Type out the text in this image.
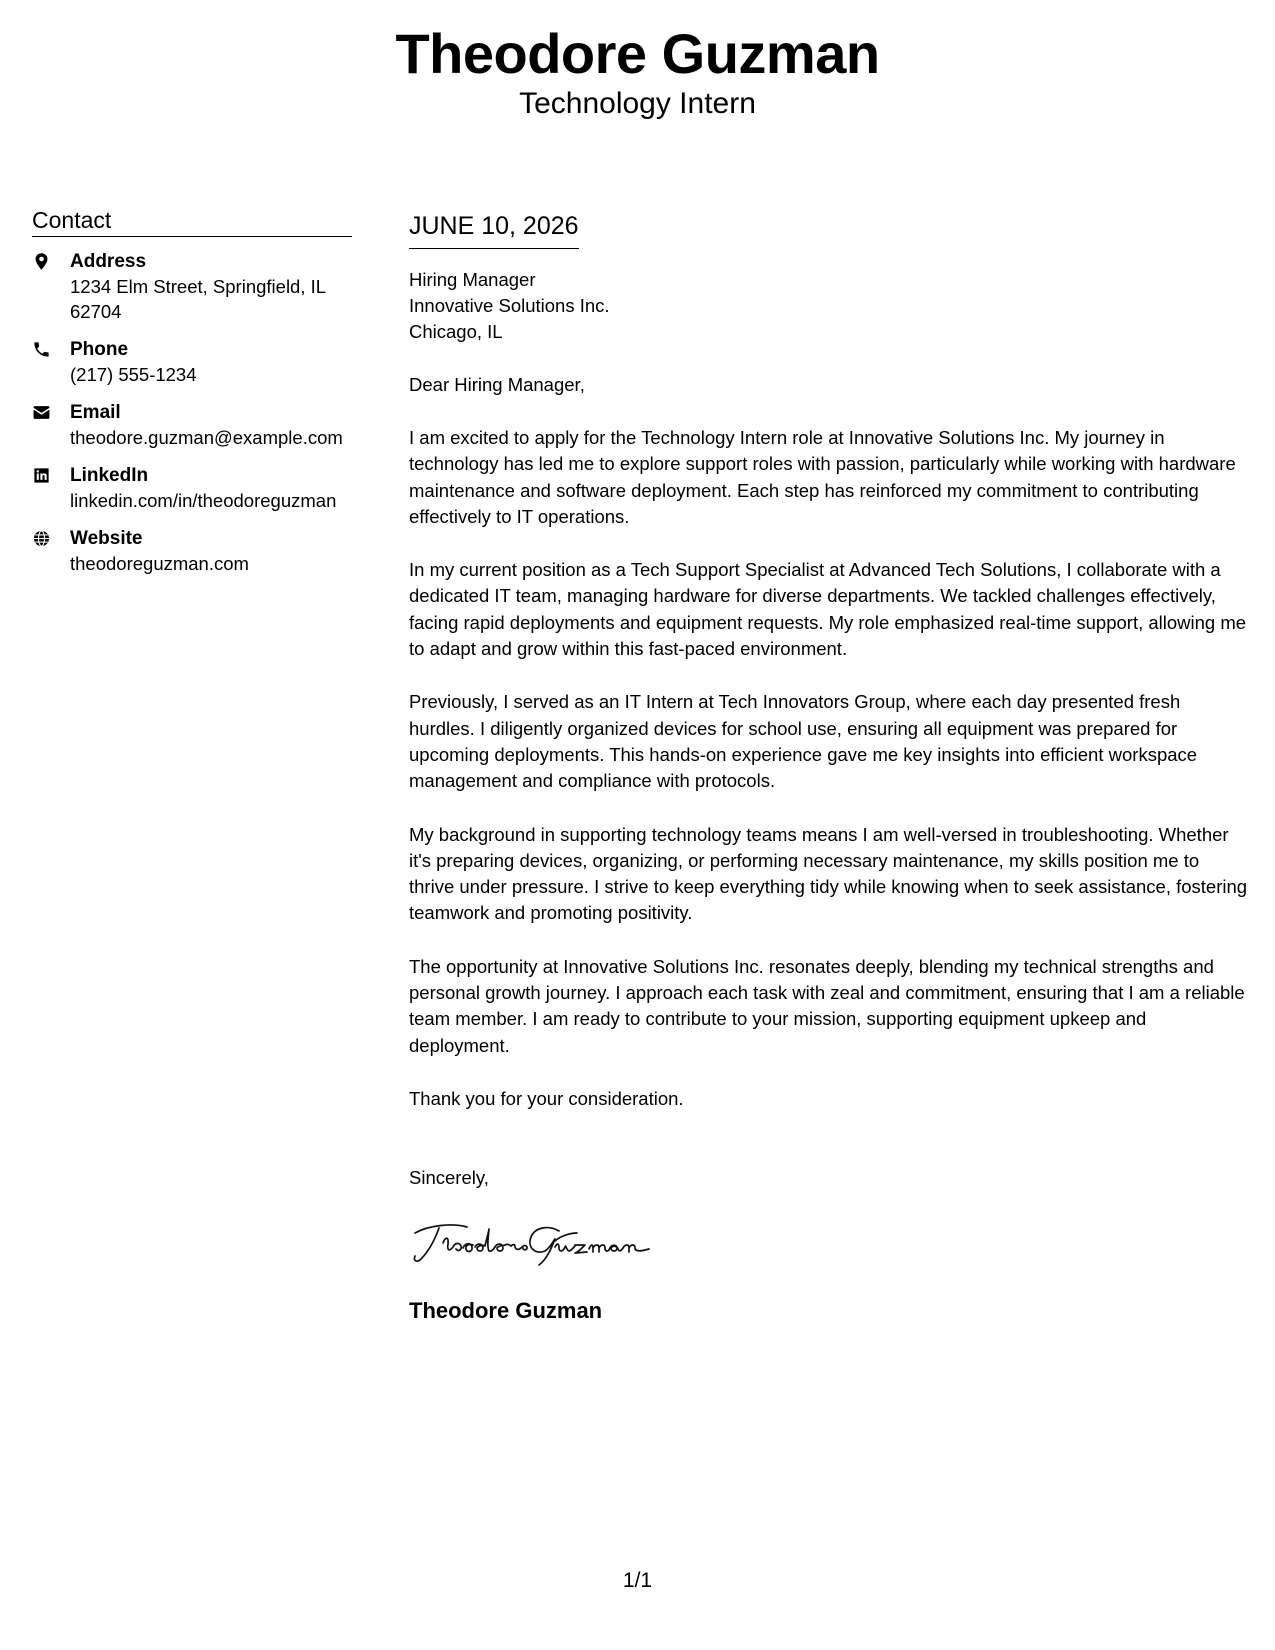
Theodore Guzman
Technology Intern
Contact
Address
1234 Elm Street, Springfield, IL 62704
Phone
(217) 555-1234
Email
theodore.guzman@example.com
LinkedIn
linkedin.com/in/theodoreguzman
Website
theodoreguzman.com
JUNE 10, 2026
Hiring Manager
Innovative Solutions Inc.
Chicago, IL
Dear Hiring Manager,
I am excited to apply for the Technology Intern role at Innovative Solutions Inc. My journey in technology has led me to explore support roles with passion, particularly while working with hardware maintenance and software deployment. Each step has reinforced my commitment to contributing effectively to IT operations.
In my current position as a Tech Support Specialist at Advanced Tech Solutions, I collaborate with a dedicated IT team, managing hardware for diverse departments. We tackled challenges effectively, facing rapid deployments and equipment requests. My role emphasized real-time support, allowing me to adapt and grow within this fast-paced environment.
Previously, I served as an IT Intern at Tech Innovators Group, where each day presented fresh hurdles. I diligently organized devices for school use, ensuring all equipment was prepared for upcoming deployments. This hands-on experience gave me key insights into efficient workspace management and compliance with protocols.
My background in supporting technology teams means I am well-versed in troubleshooting. Whether it's preparing devices, organizing, or performing necessary maintenance, my skills position me to thrive under pressure. I strive to keep everything tidy while knowing when to seek assistance, fostering teamwork and promoting positivity.
The opportunity at Innovative Solutions Inc. resonates deeply, blending my technical strengths and personal growth journey. I approach each task with zeal and commitment, ensuring that I am a reliable team member. I am ready to contribute to your mission, supporting equipment upkeep and deployment.
Thank you for your consideration.
Sincerely,
Theodore Guzman
1/1
